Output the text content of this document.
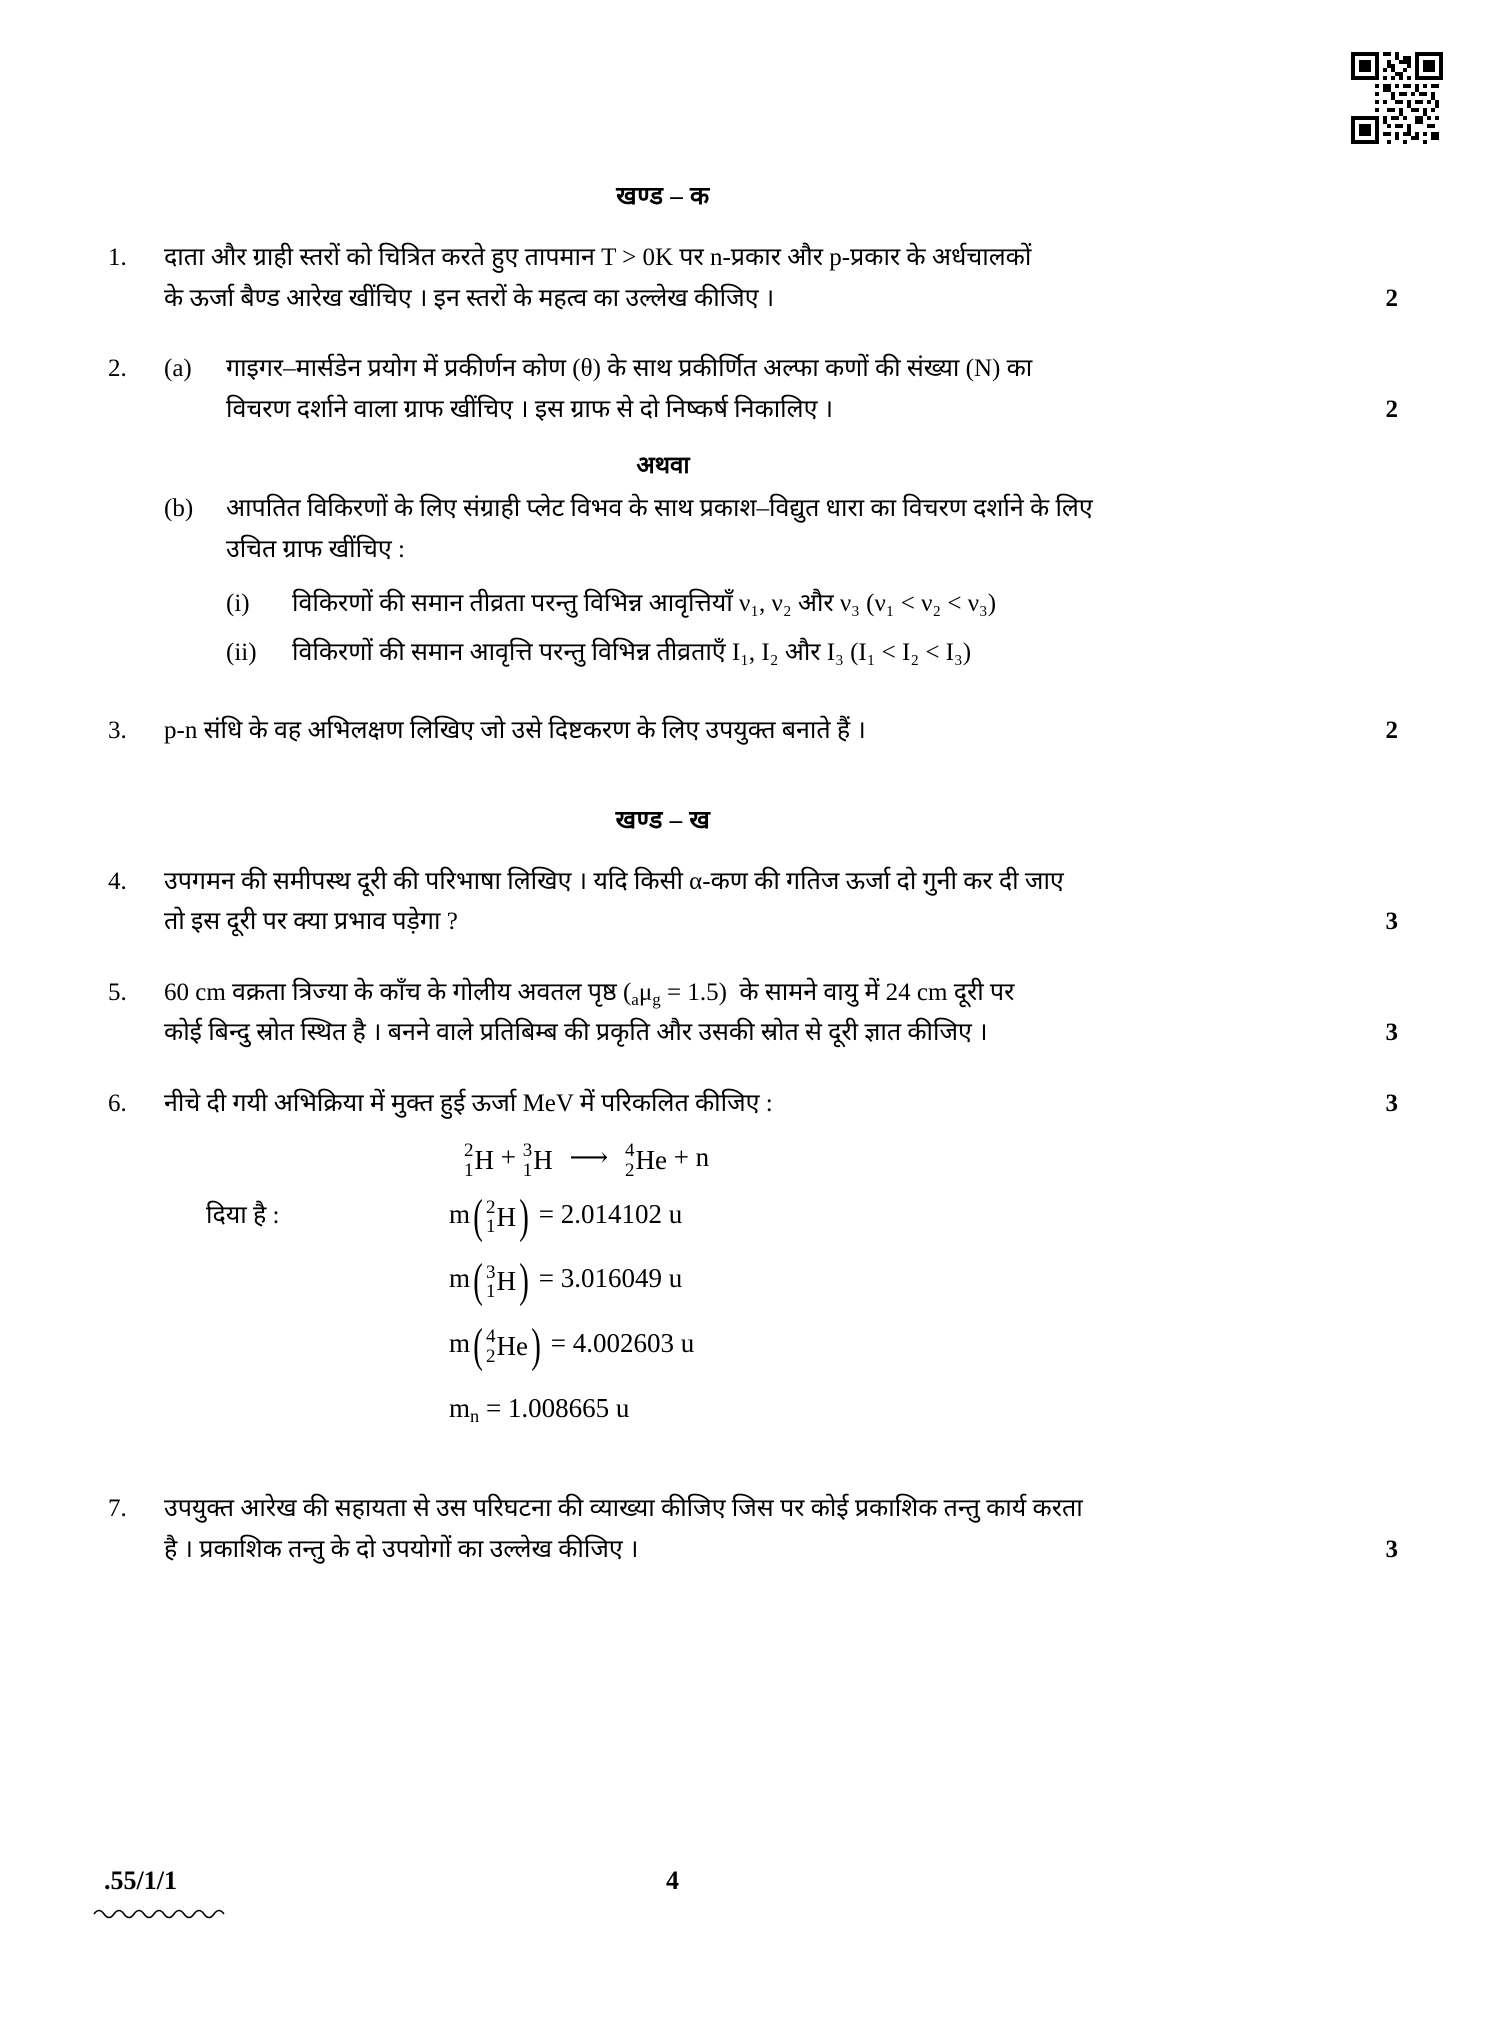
खण्ड – क
1.	दाता और ग्राही स्तरों को चित्रित करते हुए तापमान T > 0K पर n-प्रकार और p-प्रकार के अर्धचालकों
के ऊर्जा बैण्ड आरेख खींचिए । इन स्तरों के महत्व का उल्लेख कीजिए ।	2
2.	(a)	गाइगर–मार्सडेन प्रयोग में प्रकीर्णन कोण (θ) के साथ प्रकीर्णित अल्फा कणों की संख्या (N) का
विचरण दर्शाने वाला ग्राफ खींचिए । इस ग्राफ से दो निष्कर्ष निकालिए ।	2
अथवा
(b)	आपतित विकिरणों के लिए संग्राही प्लेट विभव के साथ प्रकाश–विद्युत धारा का विचरण दर्शाने के लिए
उचित ग्राफ खींचिए :
(i)	विकिरणों की समान तीव्रता परन्तु विभिन्न आवृत्तियाँ ν₁, ν₂ और ν₃ (ν₁ < ν₂ < ν₃)
(ii)	विकिरणों की समान आवृत्ति परन्तु विभिन्न तीव्रताएँ I₁, I₂ और I₃ (I₁ < I₂ < I₃)
3.	p-n संधि के वह अभिलक्षण लिखिए जो उसे दिष्टकरण के लिए उपयुक्त बनाते हैं ।	2
खण्ड – ख
4.	उपगमन की समीपस्थ दूरी की परिभाषा लिखिए । यदि किसी α-कण की गतिज ऊर्जा दो गुनी कर दी जाए
तो इस दूरी पर क्या प्रभाव पड़ेगा ?	3
5.	60 cm वक्रता त्रिज्या के काँच के गोलीय अवतल पृष्ठ $(_a\mu_g = 1.5)$  के सामने वायु में 24 cm दूरी पर
कोई बिन्दु स्रोत स्थित है । बनने वाले प्रतिबिम्ब की प्रकृति और उसकी स्रोत से दूरी ज्ञात कीजिए ।	3
6.	नीचे दी गयी अभिक्रिया में मुक्त हुई ऊर्जा MeV में परिकलित कीजिए :
2
1 H + 3
1 H ⟶ 4
2 He + n
दिया है :	m( 2
1 H) = 2.014102 u
m( 3
1 H) = 3.016049 u
m( 4
2 He) = 4.002603 u
$m_n = 1.008665$ u
3
7.	उपयुक्त आरेख की सहायता से उस परिघटना की व्याख्या कीजिए जिस पर कोई प्रकाशिक तन्तु कार्य करता
है । प्रकाशिक तन्तु के दो उपयोगों का उल्लेख कीजिए ।	3
.55/1/1	4
